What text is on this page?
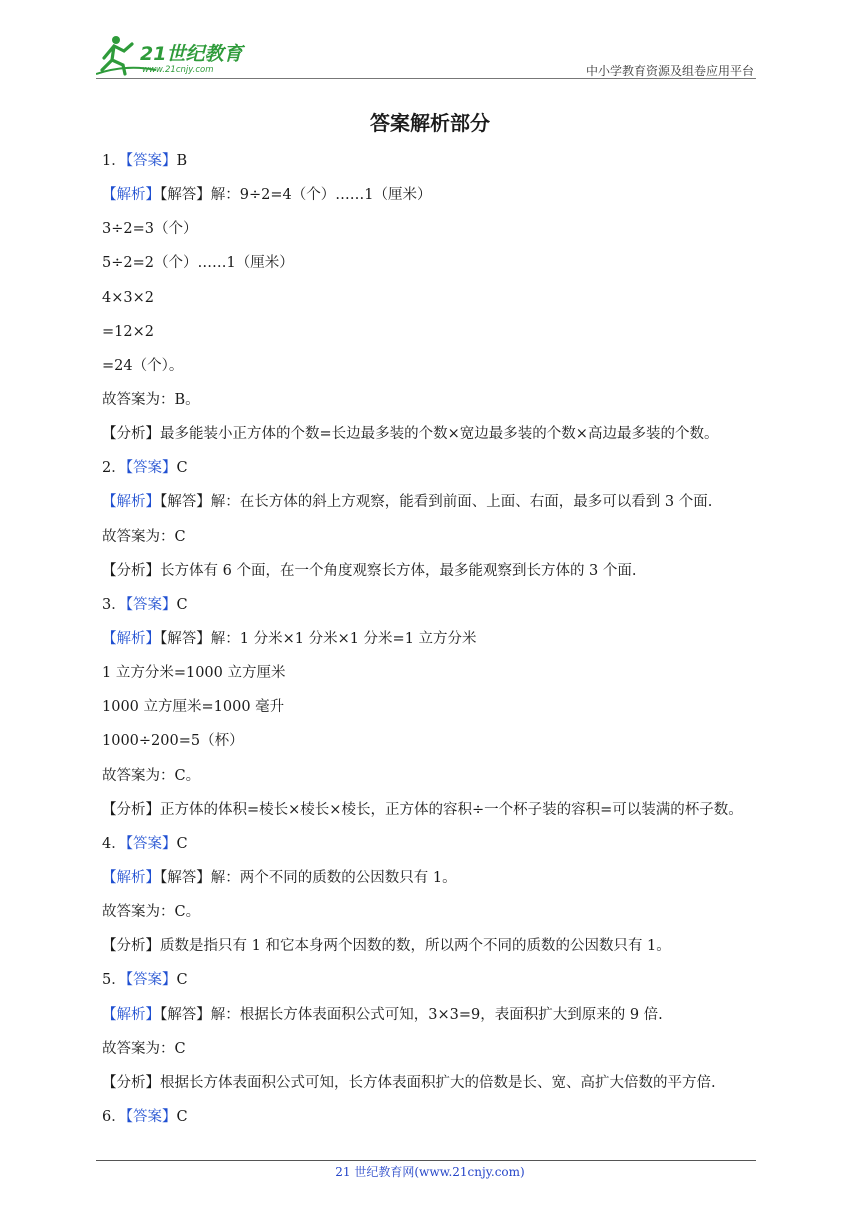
21世纪教育
www.21cnjy.com	中小学教育资源及组卷应用平台
答案解析部分
1．【答案】B
【解析】【解答】解：9÷2=4（个）……1（厘米）
3÷2=3（个）
5÷2=2（个）……1（厘米）
4×3×2
=12×2
=24（个）。
故答案为：B。
【分析】最多能装小正方体的个数=长边最多装的个数×宽边最多装的个数×高边最多装的个数。
2．【答案】C
【解析】【解答】解：在长方体的斜上方观察，能看到前面、上面、右面，最多可以看到 3 个面.
故答案为：C
【分析】长方体有 6 个面，在一个角度观察长方体，最多能观察到长方体的 3 个面.
3．【答案】C
【解析】【解答】解：1 分米×1 分米×1 分米=1 立方分米
1 立方分米=1000 立方厘米
1000 立方厘米=1000 毫升
1000÷200=5（杯）
故答案为：C。
【分析】正方体的体积=棱长×棱长×棱长，正方体的容积÷一个杯子装的容积=可以装满的杯子数。
4．【答案】C
【解析】【解答】解：两个不同的质数的公因数只有 1。
故答案为：C。
【分析】质数是指只有 1 和它本身两个因数的数，所以两个不同的质数的公因数只有 1。
5．【答案】C
【解析】【解答】解：根据长方体表面积公式可知，3×3=9，表面积扩大到原来的 9 倍.
故答案为：C
【分析】根据长方体表面积公式可知，长方体表面积扩大的倍数是长、宽、高扩大倍数的平方倍.
6．【答案】C
21 世纪教育网(www.21cnjy.com)
